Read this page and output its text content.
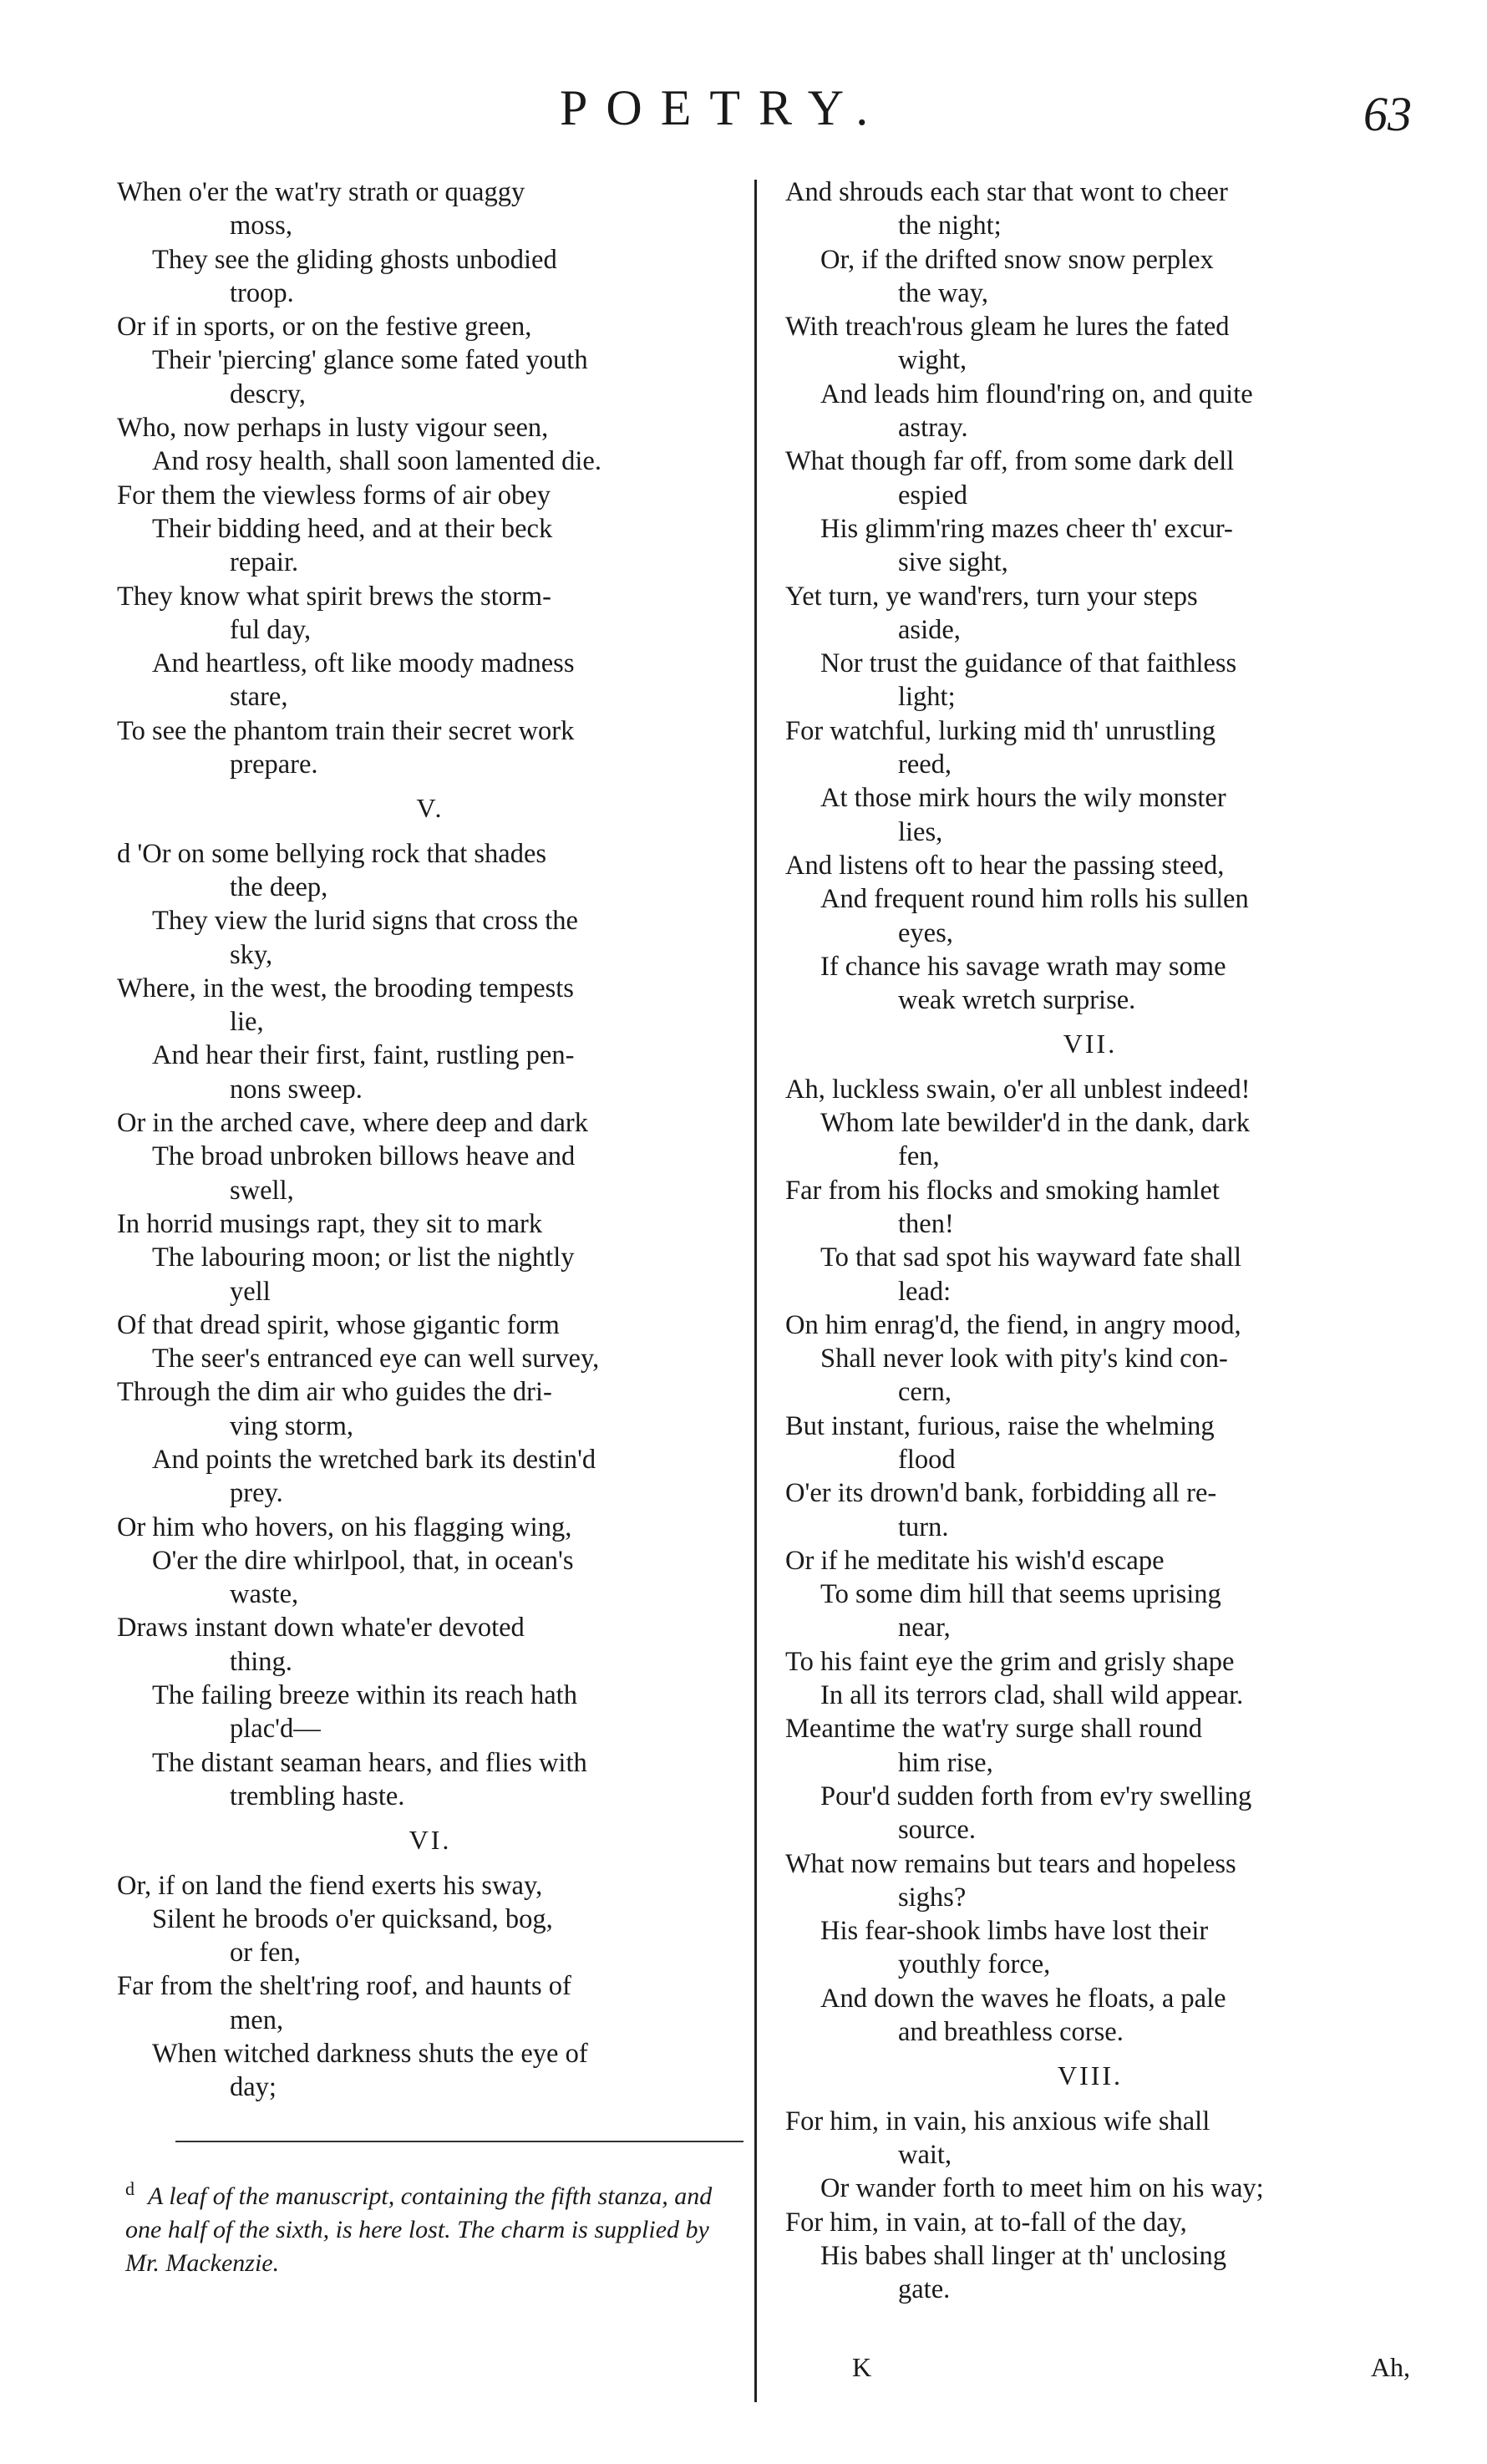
POETRY.	63

When o'er the wat'ry strath or quaggy

moss,

They see the gliding ghosts unbodied

troop.

Or if in sports, or on the festive green,

Their 'piercing' glance some fated youth

descry,

Who, now perhaps in lusty vigour seen,

And rosy health, shall soon lamented die.

For them the viewless forms of air obey

Their bidding heed, and at their beck

repair.

They know what spirit brews the storm-

ful day,

And heartless, oft like moody madness

stare,

To see the phantom train their secret work

prepare.

V.

d 'Or on some bellying rock that shades

the deep,

They view the lurid signs that cross the

sky,

Where, in the west, the brooding tempests

lie,

And hear their first, faint, rustling pen-

nons sweep.

Or in the arched cave, where deep and dark

The broad unbroken billows heave and

swell,

In horrid musings rapt, they sit to mark

The labouring moon; or list the nightly

yell

Of that dread spirit, whose gigantic form

The seer's entranced eye can well survey,

Through the dim air who guides the dri-

ving storm,

And points the wretched bark its destin'd

prey.

Or him who hovers, on his flagging wing,

O'er the dire whirlpool, that, in ocean's

waste,

Draws instant down whate'er devoted

thing.

The failing breeze within its reach hath

plac'd—

The distant seaman hears, and flies with

trembling haste.

VI.

Or, if on land the fiend exerts his sway,

Silent he broods o'er quicksand, bog,

or fen,

Far from the shelt'ring roof, and haunts of

men,

When witched darkness shuts the eye of

day;

And shrouds each star that wont to cheer

the night;

Or, if the drifted snow snow perplex

the way,

With treach'rous gleam he lures the fated

wight,

And leads him flound'ring on, and quite

astray.

What though far off, from some dark dell

espied

His glimm'ring mazes cheer th' excur-

sive sight,

Yet turn, ye wand'rers, turn your steps

aside,

Nor trust the guidance of that faithless

light;

For watchful, lurking mid th' unrustling

reed,

At those mirk hours the wily monster

lies,

And listens oft to hear the passing steed,

And frequent round him rolls his sullen

eyes,

If chance his savage wrath may some

weak wretch surprise.

VII.

Ah, luckless swain, o'er all unblest indeed!

Whom late bewilder'd in the dank, dark

fen,

Far from his flocks and smoking hamlet

then!

To that sad spot his wayward fate shall

lead:

On him enrag'd, the fiend, in angry mood,

Shall never look with pity's kind con-

cern,

But instant, furious, raise the whelming

flood

O'er its drown'd bank, forbidding all re-

turn.

Or if he meditate his wish'd escape

To some dim hill that seems uprising

near,

To his faint eye the grim and grisly shape

In all its terrors clad, shall wild appear.

Meantime the wat'ry surge shall round

him rise,

Pour'd sudden forth from ev'ry swelling

source.

What now remains but tears and hopeless

sighs?

His fear-shook limbs have lost their

youthly force,

And down the waves he floats, a pale

and breathless corse.

VIII.

For him, in vain, his anxious wife shall

wait,

Or wander forth to meet him on his way;

For him, in vain, at to-fall of the day,

His babes shall linger at th' unclosing

gate.

$^d$ A leaf of the manuscript, containing the fifth stanza, and one half of the sixth, is here lost. The charm is supplied by Mr. Mackenzie.
K	Ah,
